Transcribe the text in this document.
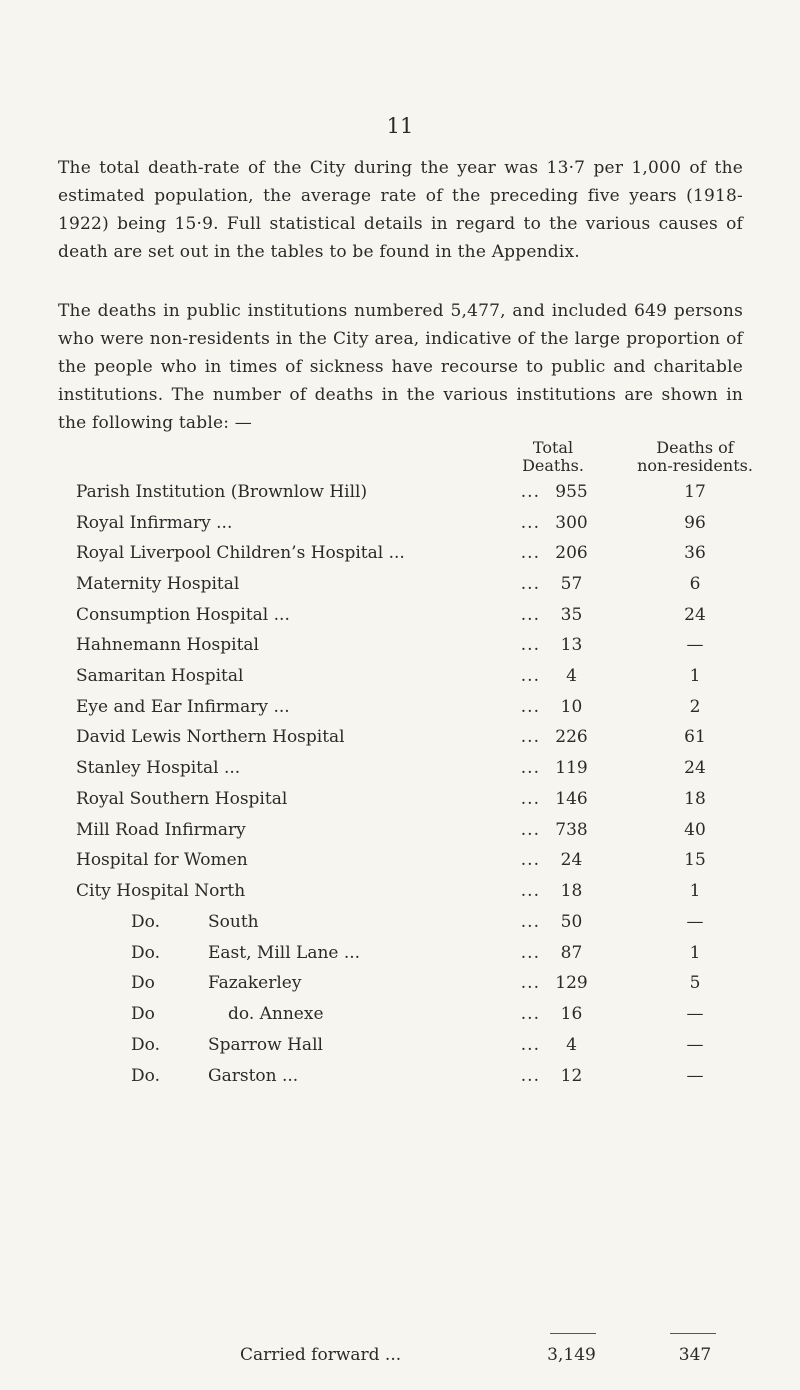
11

The total death-rate of the City during the year was 13·7 per 1,000 of the estimated population, the average rate of the preceding five years (1918-1922) being 15·9. Full statistical details in regard to the various causes of death are set out in the tables to be found in the Appendix.

The deaths in public institutions numbered 5,477, and included 649 persons who were non-residents in the City area, indicative of the large proportion of the people who in times of sickness have recourse to public and charitable institutions. The number of deaths in the various institutions are shown in the following table: —

Total
Deaths.
Deaths of
non-residents.
Parish Institution (Brownlow Hill)	... 955	17
Royal Infirmary ...	... 300	96
Royal Liverpool Children’s Hospital ...	... 206	36
Maternity Hospital	...	57	6
Consumption Hospital ...	...	35	24
Hahnemann Hospital	...	13	—
Samaritan Hospital	...	4	1
Eye and Ear Infirmary ...	...	10	2
David Lewis Northern Hospital	... 226	61
Stanley Hospital ...	... 119	24
Royal Southern Hospital	... 146	18
Mill Road Infirmary	... 738	40
Hospital for Women	...	24	15
City Hospital North	...	18	1
Do.	South	...	50	—
Do.	East, Mill Lane ...	...	87	1
Do	Fazakerley	... 129	5
Do	do. Annexe	...	16	—
Do.	Sparrow Hall	...	4	—
Do.	Garston ...	...	12	—
Carried forward ...	3,149	347
